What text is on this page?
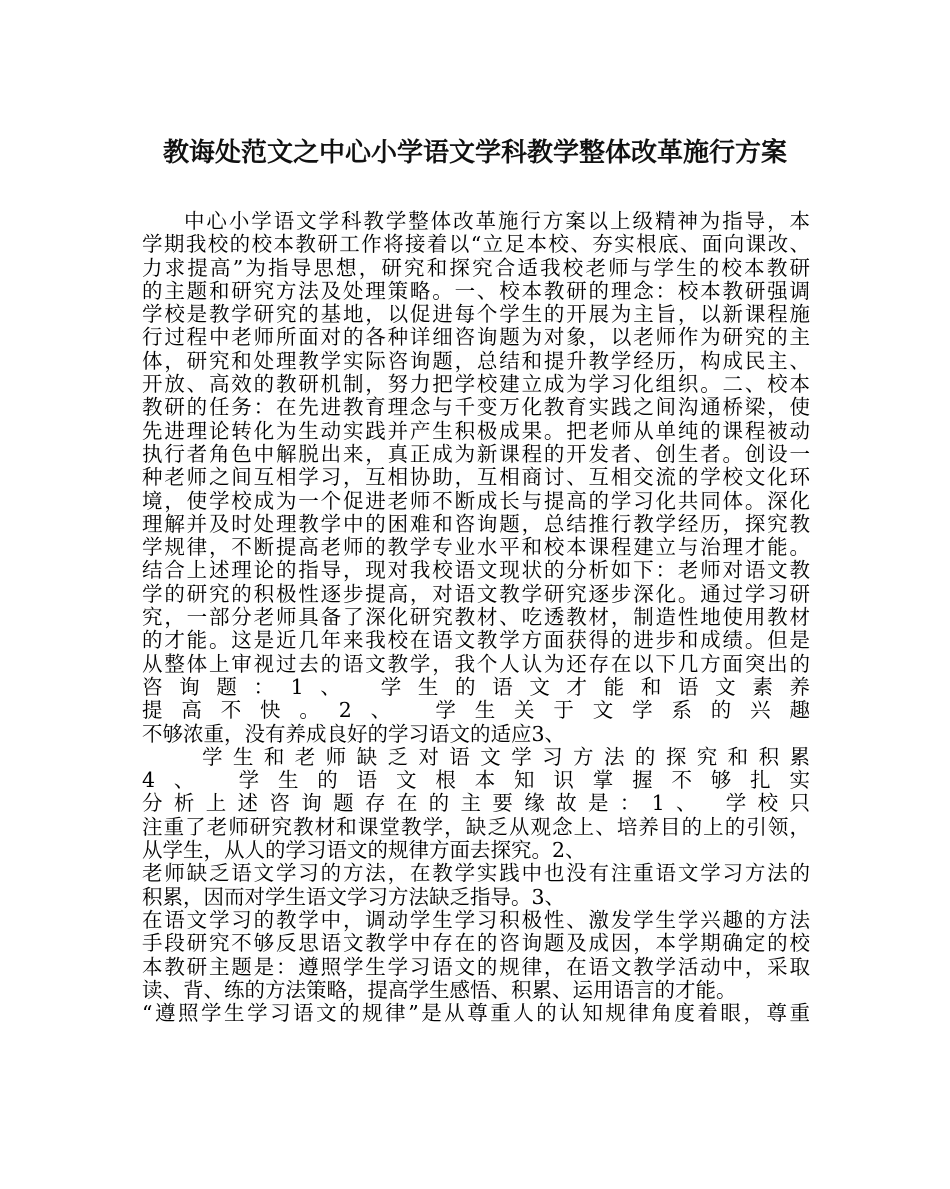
教诲处范文之中心小学语文学科教学整体改革施行方案
中心小学语文学科教学整体改革施行方案以上级精神为指导，本
学期我校的校本教研工作将接着以“立足本校、夯实根底、面向课改、
力求提高”为指导思想，研究和探究合适我校老师与学生的校本教研
的主题和研究方法及处理策略。一、校本教研的理念：校本教研强调
学校是教学研究的基地，以促进每个学生的开展为主旨，以新课程施
行过程中老师所面对的各种详细咨询题为对象，以老师作为研究的主
体，研究和处理教学实际咨询题，总结和提升教学经历，构成民主、
开放、高效的教研机制，努力把学校建立成为学习化组织。二、校本
教研的任务：在先进教育理念与千变万化教育实践之间沟通桥梁，使
先进理论转化为生动实践并产生积极成果。把老师从单纯的课程被动
执行者角色中解脱出来，真正成为新课程的开发者、创生者。创设一
种老师之间互相学习，互相协助，互相商讨、互相交流的学校文化环
境，使学校成为一个促进老师不断成长与提高的学习化共同体。深化
理解并及时处理教学中的困难和咨询题，总结推行教学经历，探究教
学规律，不断提高老师的教学专业水平和校本课程建立与治理才能。
结合上述理论的指导，现对我校语文现状的分析如下：老师对语文教
学的研究的积极性逐步提高，对语文教学研究逐步深化。通过学习研
究，一部分老师具备了深化研究教材、吃透教材，制造性地使用教材
的才能。这是近几年来我校在语文教学方面获得的进步和成绩。但是
从整体上审视过去的语文教学，我个人认为还存在以下几方面突出的
咨询题：1、 学生的语文才能和语文素养
提高不快。2、 学生关于文学系的兴趣
不够浓重，没有养成良好的学习语文的适应3、
学生和老师缺乏对语文学习方法的探究和积累
4、 学生的语文根本知识掌握不够扎实
分析上述咨询题存在的主要缘故是：1、 学校只
注重了老师研究教材和课堂教学，缺乏从观念上、培养目的上的引领，
从学生，从人的学习语文的规律方面去探究。2、
老师缺乏语文学习的方法，在教学实践中也没有注重语文学习方法的
积累，因而对学生语文学习方法缺乏指导。3、
在语文学习的教学中，调动学生学习积极性、激发学生学兴趣的方法
手段研究不够反思语文教学中存在的咨询题及成因，本学期确定的校
本教研主题是：遵照学生学习语文的规律，在语文教学活动中，采取
读、背、练的方法策略，提高学生感悟、积累、运用语言的才能。
“遵照学生学习语文的规律”是从尊重人的认知规律角度着眼，尊重
